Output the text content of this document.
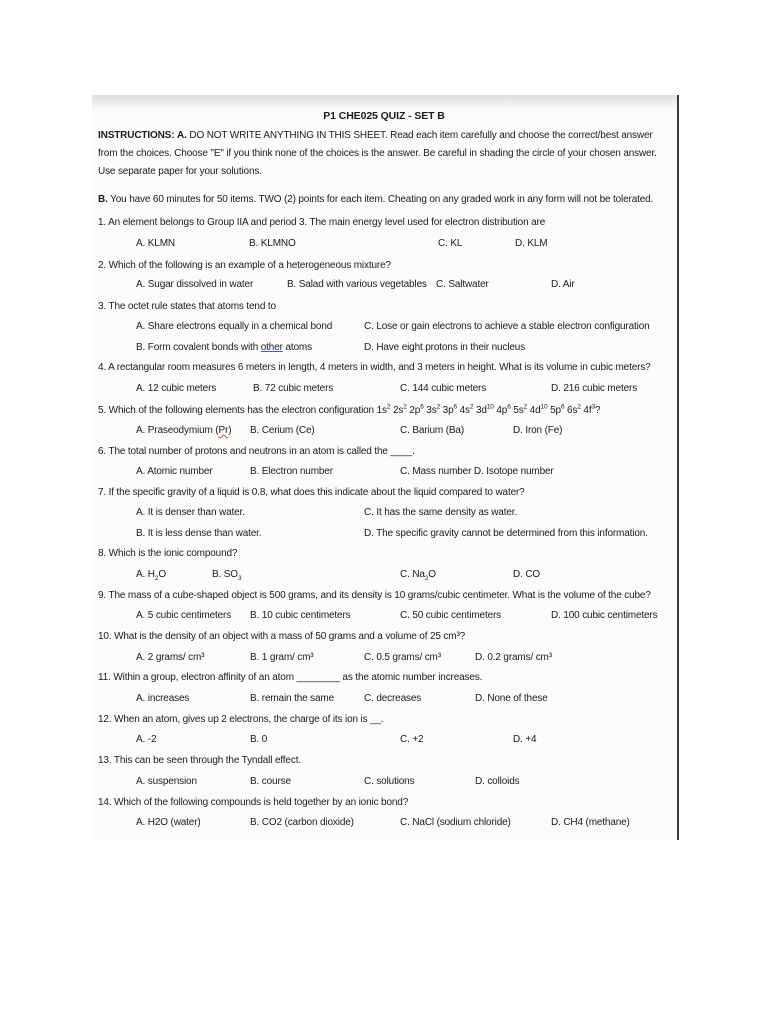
P1 CHE025 QUIZ - SET B

INSTRUCTIONS: A. DO NOT WRITE ANYTHING IN THIS SHEET. Read each item carefully and choose the correct/best answer from the choices. Choose "E" if you think none of the choices is the answer. Be careful in shading the circle of your chosen answer. Use separate paper for your solutions.

B. You have 60 minutes for 50 items. TWO (2) points for each item. Cheating on any graded work in any form will not be tolerated.

1. An element belongs to Group IIA and period 3. The main energy level used for electron distribution are
A. KLMN	B. KLMNO	C. KL	D. KLM
2. Which of the following is an example of a heterogeneous mixture?
A. Sugar dissolved in water	B. Salad with various vegetables C. Saltwater	D. Air
3. The octet rule states that atoms tend to
A. Share electrons equally in a chemical bond	C. Lose or gain electrons to achieve a stable electron configuration
B. Form covalent bonds with other atoms	D. Have eight protons in their nucleus
4. A rectangular room measures 6 meters in length, 4 meters in width, and 3 meters in height. What is its volume in cubic meters?
A. 12 cubic meters	B. 72 cubic meters	C. 144 cubic meters	D. 216 cubic meters
5. Which of the following elements has the electron configuration $1s^2$ $2s^2$ $2p^6$ $3s^2$ $3p^6$ $4s^2$ $3d^{10}$ $4p^6$ $5s^2$ $4d^{10}$ $5p^6$ $6s^2$ $4f^3$?
A. Praseodymium (Pr) B. Cerium (Ce)	C. Barium (Ba)	D. Iron (Fe)
6. The total number of protons and neutrons in an atom is called the ____.
A. Atomic number	B. Electron number	C. Mass number D. Isotope number
7. If the specific gravity of a liquid is 0.8, what does this indicate about the liquid compared to water?
A. It is denser than water.	C. It has the same density as water.
B. It is less dense than water.	D. The specific gravity cannot be determined from this information.
8. Which is the ionic compound?
A. $H_2O$	B. $SO_3$	C. $Na_2O$	D. CO
9. The mass of a cube-shaped object is 500 grams, and its density is 10 grams/cubic centimeter. What is the volume of the cube?
A. 5 cubic centimeters B. 10 cubic centimeters	C. 50 cubic centimeters	D. 100 cubic centimeters
10. What is the density of an object with a mass of 50 grams and a volume of 25 cm³?
A. 2 grams/ cm³	B. 1 gram/ cm³	C. 0.5 grams/ cm³	D. 0.2 grams/ cm³
11. Within a group, electron affinity of an atom ________ as the atomic number increases.
A. increases	B. remain the same	C. decreases	D. None of these
12. When an atom, gives up 2 electrons, the charge of its ion is __.
A. -2	B. 0	C. +2	D. +4
13. This can be seen through the Tyndall effect.
A. suspension	B. course	C. solutions	D. colloids
14. Which of the following compounds is held together by an ionic bond?
A. H2O (water)	B. CO2 (carbon dioxide)	C. NaCl (sodium chloride)	D. CH4 (methane)
